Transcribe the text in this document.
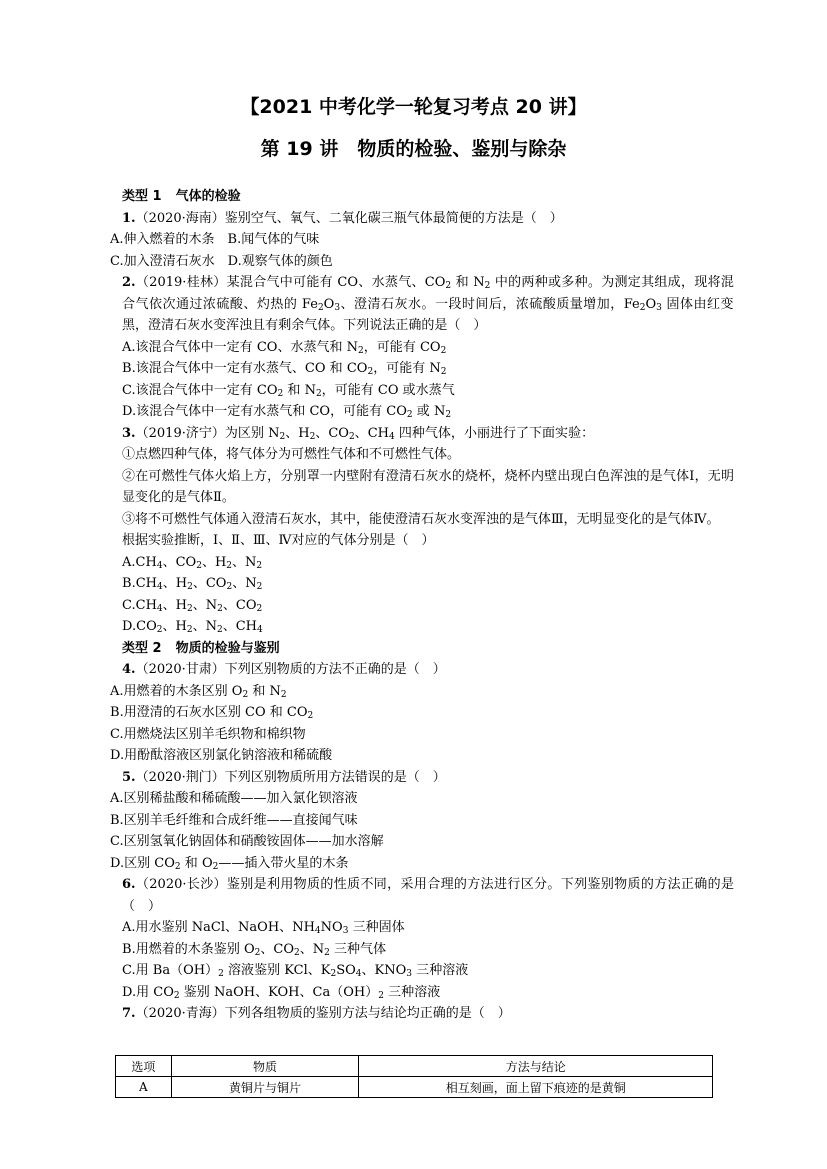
【2021 中考化学一轮复习考点 20 讲】
第 19 讲　物质的检验、鉴别与除杂
类型 1 气体的检验
1.（2020·海南）鉴别空气、氧气、二氧化碳三瓶气体最简便的方法是（　）
A.伸入燃着的木条　B.闻气体的气味
C.加入澄清石灰水　D.观察气体的颜色
2.（2019·桂林）某混合气中可能有 CO、水蒸气、$CO_2$ 和 $N_2$ 中的两种或多种。为测定其组成，现将混合气依次通过浓硫酸、灼热的 $Fe_2O_3$、澄清石灰水。一段时间后，浓硫酸质量增加，$Fe_2O_3$ 固体由红变黑，澄清石灰水变浑浊且有剩余气体。下列说法正确的是（　 ）
A.该混合气体中一定有 CO、水蒸气和 $N_2$，可能有 $CO_2$
B.该混合气体中一定有水蒸气、CO 和 $CO_2$，可能有 $N_2$
C.该混合气体中一定有 $CO_2$ 和 $N_2$，可能有 CO 或水蒸气
D.该混合气体中一定有水蒸气和 CO，可能有 $CO_2$ 或 $N_2$
3.（2019·济宁）为区别 $N_2$、$H_2$、$CO_2$、$CH_4$ 四种气体，小丽进行了下面实验：
①点燃四种气体，将气体分为可燃性气体和不可燃性气体。
②在可燃性气体火焰上方，分别罩一内壁附有澄清石灰水的烧杯，烧杯内壁出现白色浑浊的是气体Ⅰ，无明显变化的是气体Ⅱ。
③将不可燃性气体通入澄清石灰水，其中，能使澄清石灰水变浑浊的是气体Ⅲ，无明显变化的是气体Ⅳ。
根据实验推断，Ⅰ、Ⅱ、Ⅲ、Ⅳ对应的气体分别是（　）
$A.CH_4$、$CO_2$、$H_2$、$N_2$
$B.CH_4$、$H_2$、$CO_2$、$N_2$
$C.CH_4$、$H_2$、$N_2$、$CO_2$
$D.CO_2$、$H_2$、$N_2$、$CH_4$
类型 2 物质的检验与鉴别
4.（2020·甘肃）下列区别物质的方法不正确的是（　）
A.用燃着的木条区别 $O_2$ 和 $N_2$
B.用澄清的石灰水区别 CO 和 $CO_2$
C.用燃烧法区别羊毛织物和棉织物
D.用酚酞溶液区别氯化钠溶液和稀硫酸
5.（2020·荆门）下列区别物质所用方法错误的是（　）
A.区别稀盐酸和稀硫酸——加入氯化钡溶液
B.区别羊毛纤维和合成纤维——直接闻气味
C.区别氢氧化钠固体和硝酸铵固体——加水溶解
D.区别 $CO_2$ 和 $O_2——$插入带火星的木条
6.（2020·长沙）鉴别是利用物质的性质不同，采用合理的方法进行区分。下列鉴别物质的方法正确的是（　）
A.用水鉴别 NaCl、NaOH、$NH_4NO_3$ 三种固体
B.用燃着的木条鉴别 $O_2$、$CO_2$、$N_2$ 三种气体
C.用 $Ba(OH)_2$ 溶液鉴别 KCl、$K_2SO_4$、$KNO_3$ 三种溶液
D.用 $CO_2$ 鉴别 NaOH、KOH、$Ca(OH)_2$ 三种溶液
7.（2020·青海）下列各组物质的鉴别方法与结论均正确的是（　）
选项	物质	方法与结论
A	黄铜片与铜片	相互刻画，面上留下痕迹的是黄铜
